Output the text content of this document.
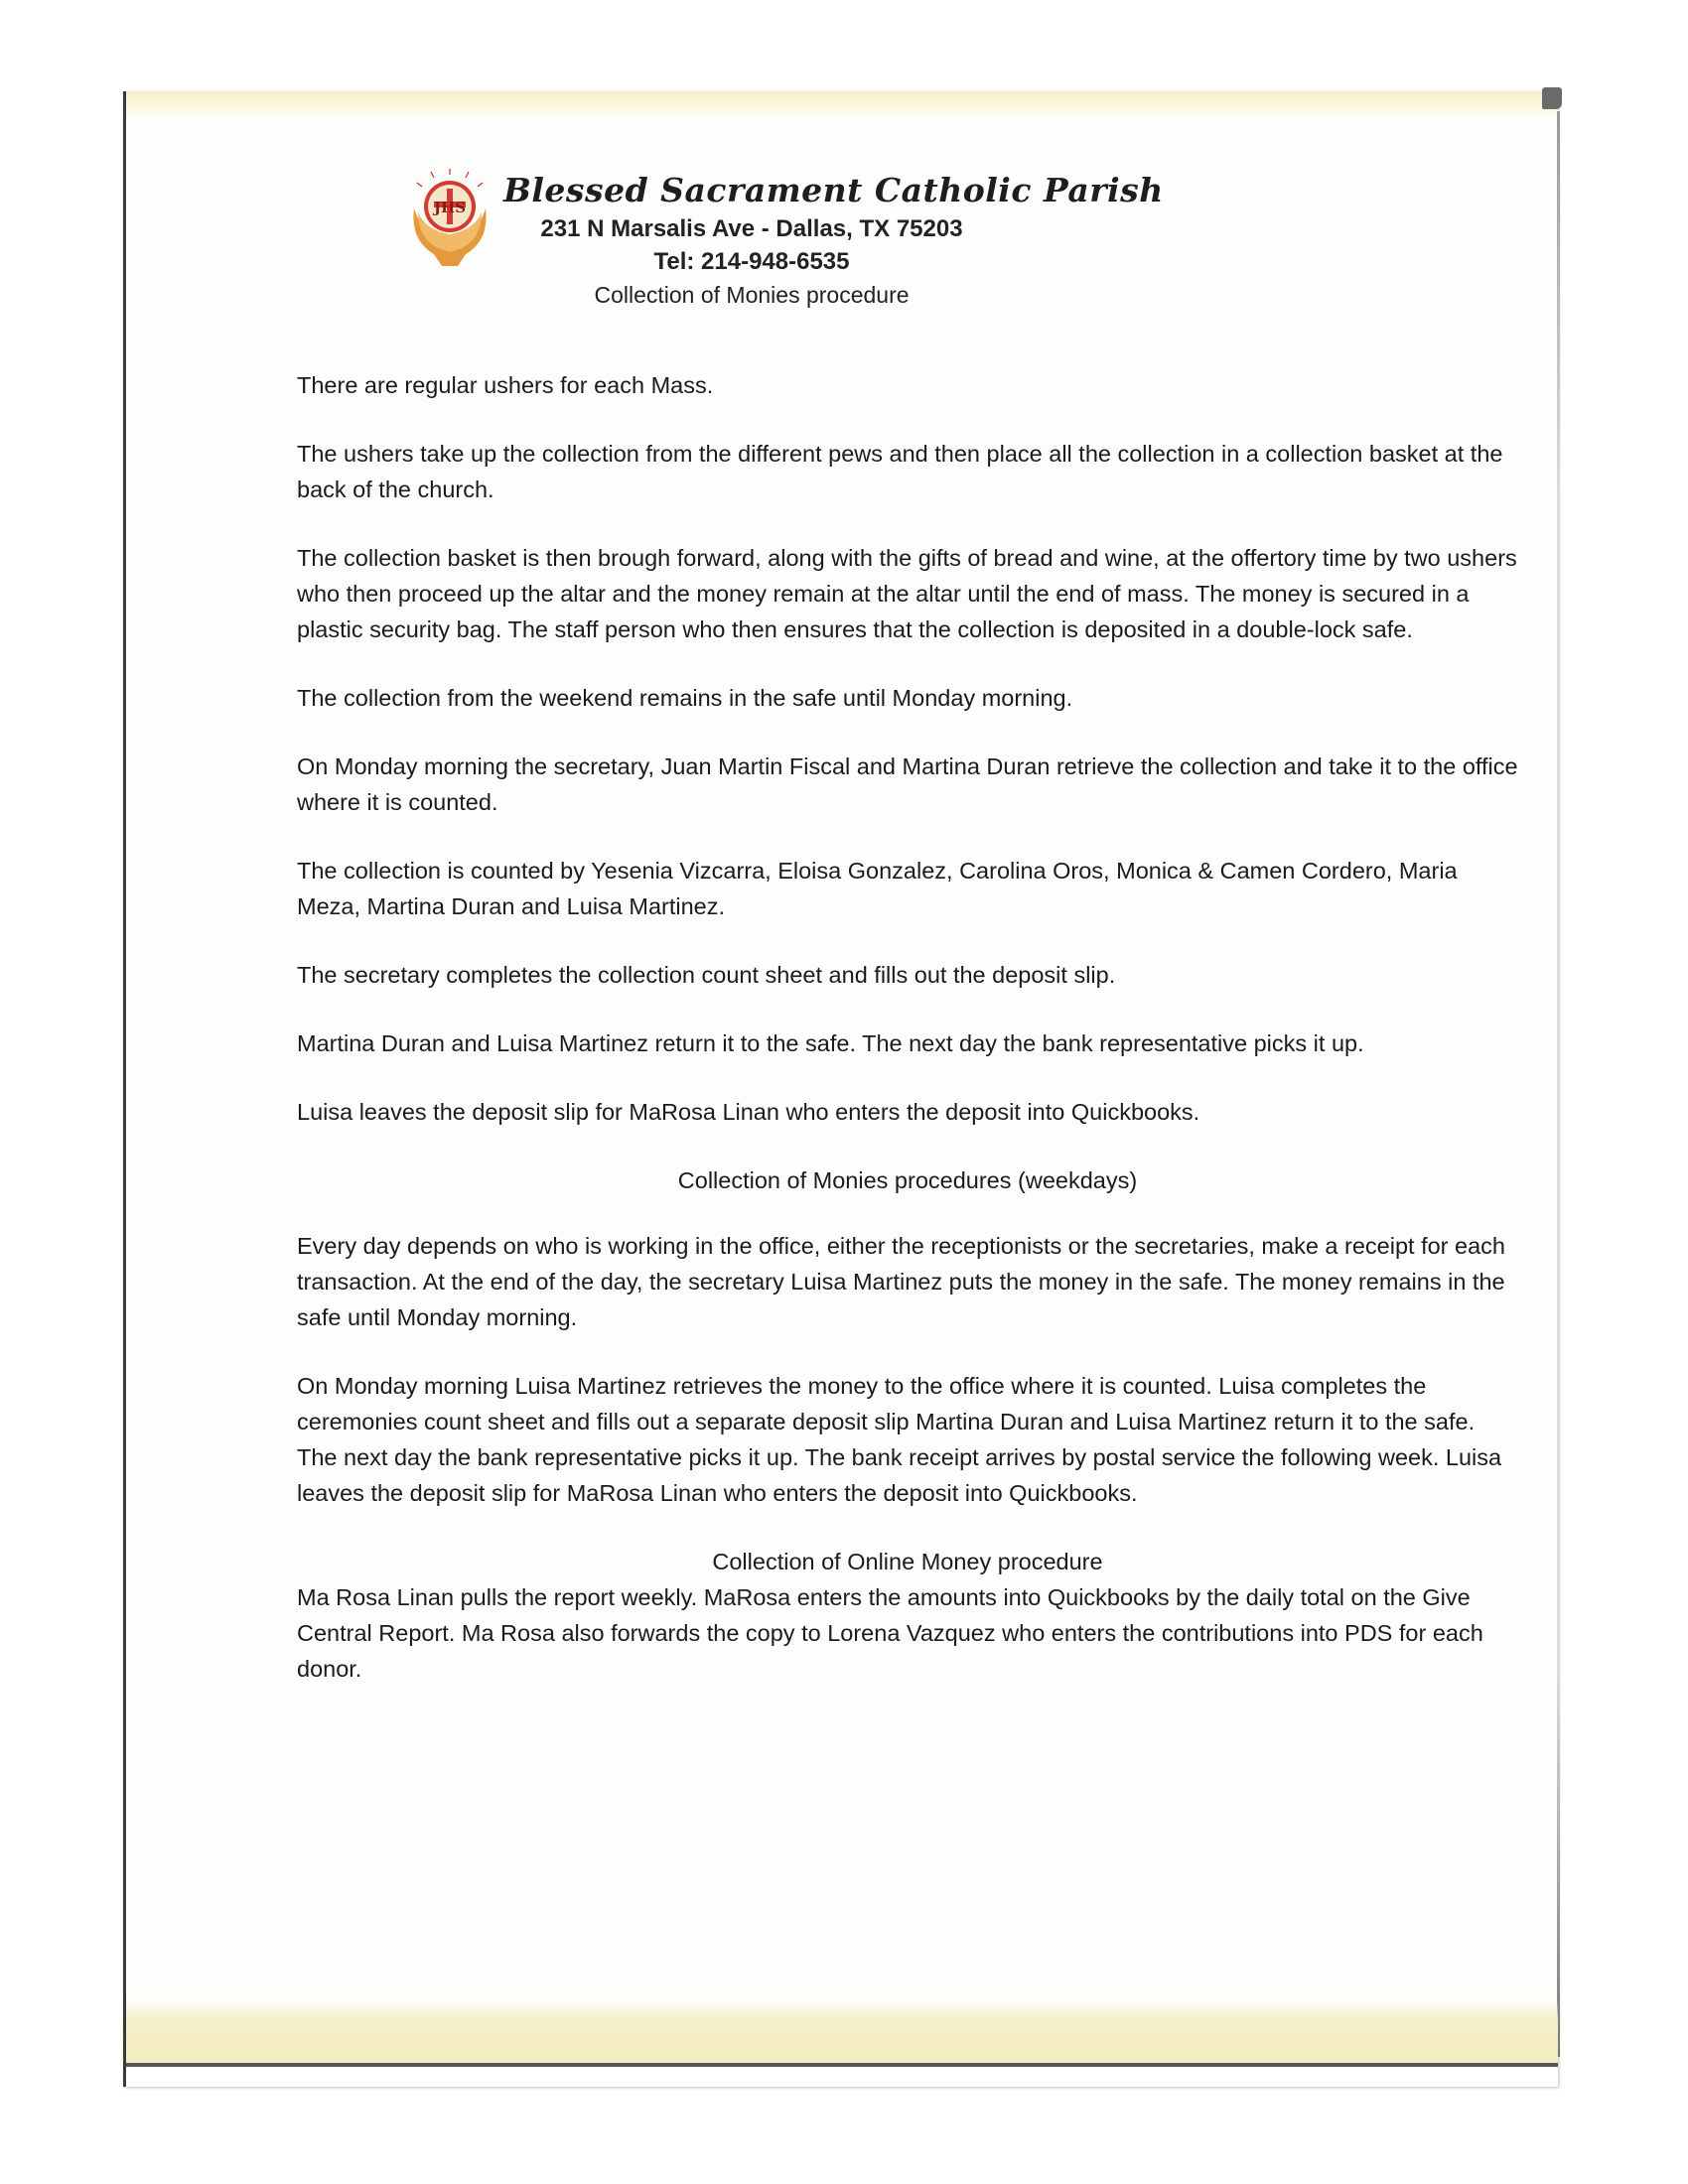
JHS Blessed Sacrament Catholic Parish
231 N Marsalis Ave - Dallas, TX 75203
Tel: 214-948-6535
Collection of Monies procedure

There are regular ushers for each Mass.

The ushers take up the collection from the different pews and then place all the collection in a collection basket at the back of the church.

The collection basket is then brough forward, along with the gifts of bread and wine, at the offertory time by two ushers who then proceed up the altar and the money remain at the altar until the end of mass. The money is secured in a plastic security bag. The staff person who then ensures that the collection is deposited in a double-lock safe.

The collection from the weekend remains in the safe until Monday morning.

On Monday morning the secretary, Juan Martin Fiscal and Martina Duran retrieve the collection and take it to the office where it is counted.

The collection is counted by Yesenia Vizcarra, Eloisa Gonzalez, Carolina Oros, Monica & Camen Cordero, Maria Meza, Martina Duran and Luisa Martinez.

The secretary completes the collection count sheet and fills out the deposit slip.

Martina Duran and Luisa Martinez return it to the safe. The next day the bank representative picks it up.

Luisa leaves the deposit slip for MaRosa Linan who enters the deposit into Quickbooks.

Collection of Monies procedures (weekdays)

Every day depends on who is working in the office, either the receptionists or the secretaries, make a receipt for each transaction. At the end of the day, the secretary Luisa Martinez puts the money in the safe. The money remains in the safe until Monday morning.

On Monday morning Luisa Martinez retrieves the money to the office where it is counted. Luisa completes the ceremonies count sheet and fills out a separate deposit slip Martina Duran and Luisa Martinez return it to the safe. The next day the bank representative picks it up. The bank receipt arrives by postal service the following week. Luisa leaves the deposit slip for MaRosa Linan who enters the deposit into Quickbooks.

Collection of Online Money procedure

Ma Rosa Linan pulls the report weekly. MaRosa enters the amounts into Quickbooks by the daily total on the Give Central Report. Ma Rosa also forwards the copy to Lorena Vazquez who enters the contributions into PDS for each donor.
